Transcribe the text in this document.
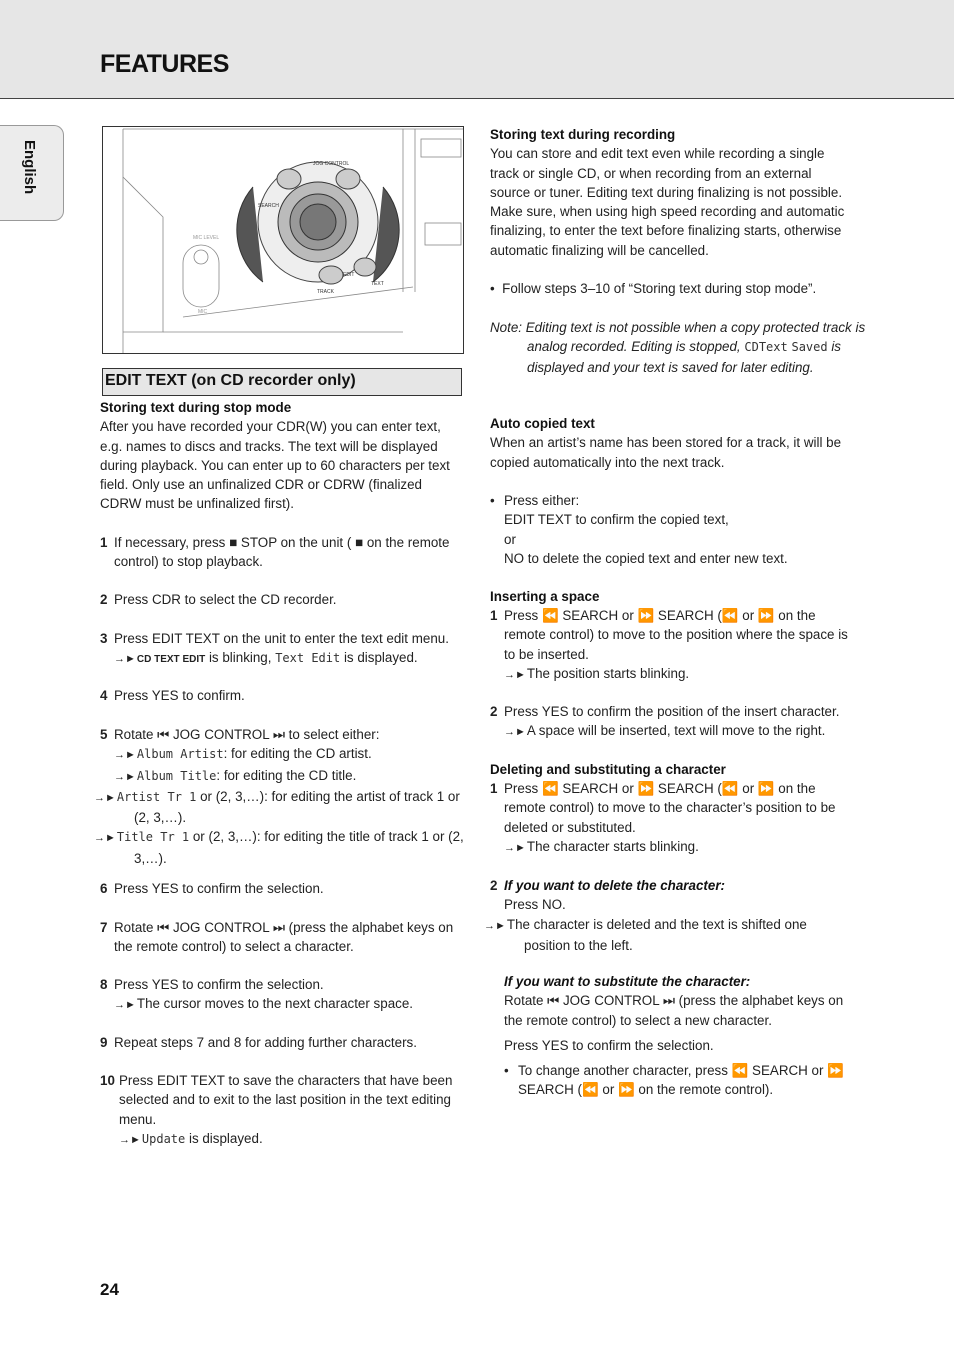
FEATURES
English	JOG CONTROL
EDIT
TEXT
SEARCH
TRACK
MIC LEVEL
MIC
EDIT TEXT (on CD recorder only)

Storing text during stop mode

After you have recorded your CDR(W) you can enter text, e.g. names to discs and tracks. The text will be displayed during playback. You can enter up to 60 characters per text field. Only use an unfinalized CDR or CDRW (finalized CDRW must be unfinalized first).

1 If necessary, press ■ STOP on the unit ( ■ on the remote control) to stop playback.
2 Press CDR to select the CD recorder.
3 Press EDIT TEXT on the unit to enter the text edit menu.
→►CD TEXT EDIT is blinking, Text Edit is displayed.
4 Press YES to confirm.
5 Rotate ⏮ JOG CONTROL ⏭ to select either:
→►Album Artist: for editing the CD artist.
→►Album Title: for editing the CD title.

→►Artist Tr 1 or (2, 3,…): for editing the artist of track 1 or (2, 3,…).
→►Title Tr 1 or (2, 3,…): for editing the title of track 1 or (2, 3,…).
6 Press YES to confirm the selection.
7 Rotate ⏮ JOG CONTROL ⏭ (press the alphabet keys on the remote control) to select a character.
8 Press YES to confirm the selection.
→►The cursor moves to the next character space.
9 Repeat steps 7 and 8 for adding further characters.
10 Press EDIT TEXT to save the characters that have been selected and to exit to the last position in the text editing menu.
→►Update is displayed.

Storing text during recording

You can store and edit text even while recording a single track or single CD, or when recording from an external source or tuner. Editing text during finalizing is not possible. Make sure, when using high speed recording and automatic finalizing, to enter the text before finalizing starts, otherwise automatic finalizing will be cancelled.

•  Follow steps 3–10 of “Storing text during stop mode”.
Note: Editing text is not possible when a copy protected track is analog recorded. Editing is stopped, CDText Saved is displayed and your text is saved for later editing.

Auto copied text

When an artist’s name has been stored for a track, it will be copied automatically into the next track.

• Press either:
EDIT TEXT to confirm the copied text,
or
NO to delete the copied text and enter new text.

Inserting a space

1 Press ⏪ SEARCH or ⏩ SEARCH (⏪ or ⏩ on the remote control) to move to the position where the space is to be inserted.
→►The position starts blinking.
2 Press YES to confirm the position of the insert character.
→►A space will be inserted, text will move to the right.

Deleting and substituting a character

1 Press ⏪ SEARCH or ⏩ SEARCH (⏪ or ⏩ on the remote control) to move to the character’s position to be deleted or substituted.
→►The character starts blinking.
2 If you want to delete the character:
Press NO.

→►The character is deleted and the text is shifted one position to the left.
If you want to substitute the character:
Rotate ⏮ JOG CONTROL ⏭ (press the alphabet keys on the remote control) to select a new character.

Press YES to confirm the selection.

• To change another character, press ⏪ SEARCH or ⏩ SEARCH (⏪ or ⏩ on the remote control).
24
